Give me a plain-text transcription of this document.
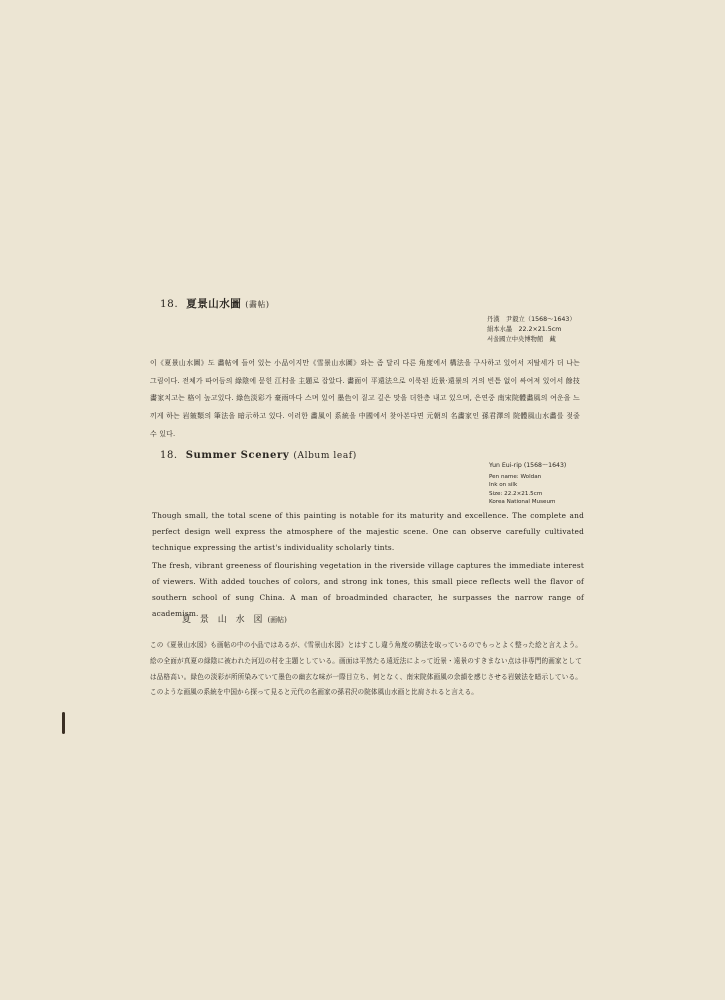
18. 夏景山水圖 (畵帖)
丹漢　尹毅立（1568～1643）
絹本水墨　22.2×21.5cm
서울國立中央博物館　藏
이《夏景山水圖》도 畵帖에 들어 있는 小品이지만《雪景山水圖》와는 좀 달리 다른 角度에서 構法을 구사하고 있어서 저탈세가 더 나는 그림이다. 전체가 따어듬의 綠陰에 묻힌 江村을 主題로 잡았다. 畵面이 平遠法으로 이룩된 近景·遠景의 거의 빈틈 없이 싸여져 있어서 餘技畵家치고는 格이 높고있다. 綠色淡彩가 豪雨마다 스며 있어 墨色이 짙고 깊은 맛을 더한층 내고 있으며, 은연중 南宋院體畵風의 여운을 느끼게 하는 岩皴類의 筆法을 暗示하고 있다. 이러한 畵風이 系統을 中國에서 찾아본다면 元朝의 名畵家인 孫君澤의 院體風山水畵를 젖줄 수 있다.
18. Summer Scenery (Album leaf)
Yun Eui-rip (1568～1643)
Pen name: Woldan
Ink on silk
Size: 22.2×21.5cm
Korea National Museum

Though small, the total scene of this painting is notable for its maturity and excellence. The complete and perfect design well express the atmosphere of the majestic scene. One can observe carefully cultivated technique expressing the artist's individuality scholarly tints.

The fresh, vibrant greeness of flourishing vegetation in the riverside village captures the immediate interest of viewers. With added touches of colors, and strong ink tones, this small piece reflects well the flavor of southern school of sung China. A man of broadminded character, he surpasses the narrow range of academism.

夏 景 山 水 図 (画帖)
この《夏景山水図》も画帖の中の小品ではあるが、《雪景山水図》とはすこし違う角度の構法を取っているのでもっとよく整った絵と言えよう。絵の全面が真夏の緑陰に被われた河辺の村を主題としている。画面は平然たる遠近法によって近景・遠景のすきまない点は非専門的画家としては品格高い。緑色の淡彩が所所染みていて墨色の幽玄な味が一際目立ち、何となく、南宋院体画風の余韻を感じさせる岩皴法を暗示している。このような画風の系統を中国から探って見ると元代の名画家の孫君沢の院体風山水画と比肩されると言える。
